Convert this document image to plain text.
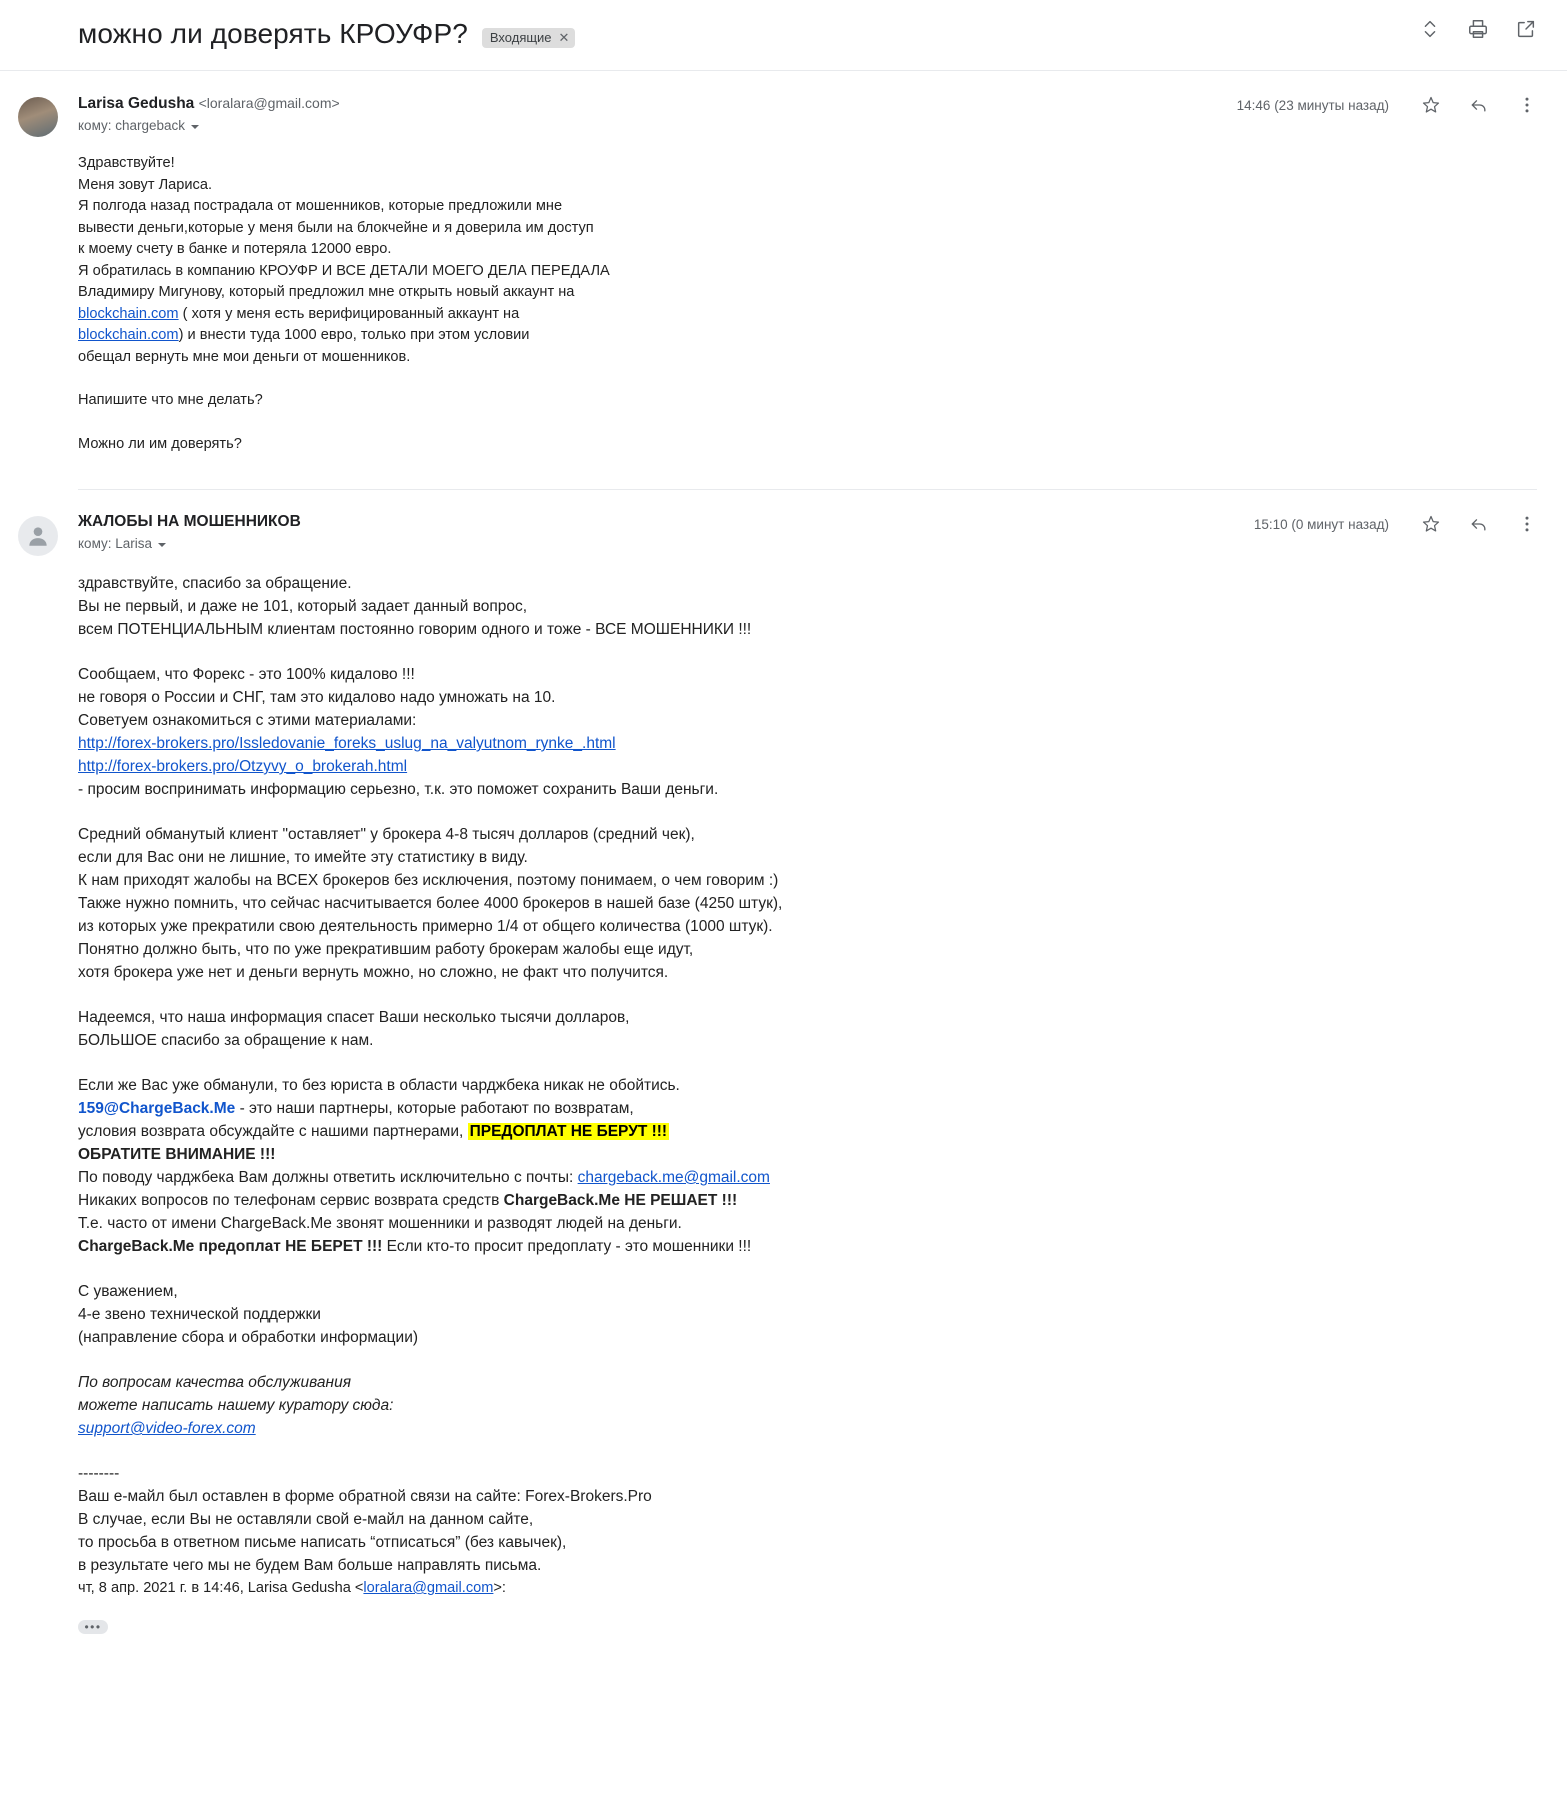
можно ли доверять КРОУФР? Входящие ✕
Larisa Gedusha <loralara@gmail.com>
кому: chargeback
14:46 (23 минуты назад)

Здравствуйте!

Меня зовут Лариса.

Я полгода назад пострадала от мошенников, которые предложили мне

вывести деньги,которые у меня были на блокчейне и я доверила им доступ

к моему счету в банке и потеряла 12000 евро.

Я обратилась в компанию КРОУФР И ВСЕ ДЕТАЛИ МОЕГО ДЕЛА ПЕРЕДАЛА

Владимиру Мигунову, который предложил мне открыть новый аккаунт на

blockchain.com ( хотя у меня есть верифицированный аккаунт на

blockchain.com) и внести туда 1000 евро, только при этом условии

обещал вернуть мне мои деньги от мошенников.

Напишите что мне делать?

Можно ли им доверять?

ЖАЛОБЫ НА МОШЕННИКОВ
кому: Larisa
15:10 (0 минут назад)

здравствуйте, спасибо за обращение.

Вы не первый, и даже не 101, который задает данный вопрос,

всем ПОТЕНЦИАЛЬНЫМ клиентам постоянно говорим одного и тоже - ВСЕ МОШЕННИКИ !!!

Сообщаем, что Форекс - это 100% кидалово !!!

не говоря о России и СНГ, там это кидалово надо умножать на 10.

Советуем ознакомиться с этими материалами:

http://forex-brokers.pro/Issledovanie_foreks_uslug_na_valyutnom_rynke_.html

http://forex-brokers.pro/Otzyvy_o_brokerah.html

- просим воспринимать информацию серьезно, т.к. это поможет сохранить Ваши деньги.

Средний обманутый клиент "оставляет" у брокера 4-8 тысяч долларов (средний чек),

если для Вас они не лишние, то имейте эту статистику в виду.

К нам приходят жалобы на ВСЕХ брокеров без исключения, поэтому понимаем, о чем говорим :)

Также нужно помнить, что сейчас насчитывается более 4000 брокеров в нашей базе (4250 штук),

из которых уже прекратили свою деятельность примерно 1/4 от общего количества (1000 штук).

Понятно должно быть, что по уже прекратившим работу брокерам жалобы еще идут,

хотя брокера уже нет и деньги вернуть можно, но сложно, не факт что получится.

Надеемся, что наша информация спасет Ваши несколько тысячи долларов,

БОЛЬШОЕ спасибо за обращение к нам.

Если же Вас уже обманули, то без юриста в области чарджбека никак не обойтись.

159@ChargeBack.Me - это наши партнеры, которые работают по возвратам,

условия возврата обсуждайте с нашими партнерами, ПРЕДОПЛАТ НЕ БЕРУТ !!!

ОБРАТИТЕ ВНИМАНИЕ !!!

По поводу чарджбека Вам должны ответить исключительно с почты: chargeback.me@gmail.com

Никаких вопросов по телефонам сервис возврата средств ChargeBack.Me НЕ РЕШАЕТ !!!

Т.е. часто от имени ChargeBack.Me звонят мошенники и разводят людей на деньги.

ChargeBack.Me предоплат НЕ БЕРЕТ !!! Если кто-то просит предоплату - это мошенники !!!

С уважением,

4-е звено технической поддержки

(направление сбора и обработки информации)

По вопросам качества обслуживания

можете написать нашему куратору сюда:

support@video-forex.com

--------

Ваш е-майл был оставлен в форме обратной связи на сайте: Forex-Brokers.Pro

В случае, если Вы не оставляли свой е-майл на данном сайте,

то просьба в ответном письме написать “отписаться” (без кавычек),

в результате чего мы не будем Вам больше направлять письма.

чт, 8 апр. 2021 г. в 14:46, Larisa Gedusha <loralara@gmail.com>:

•••
